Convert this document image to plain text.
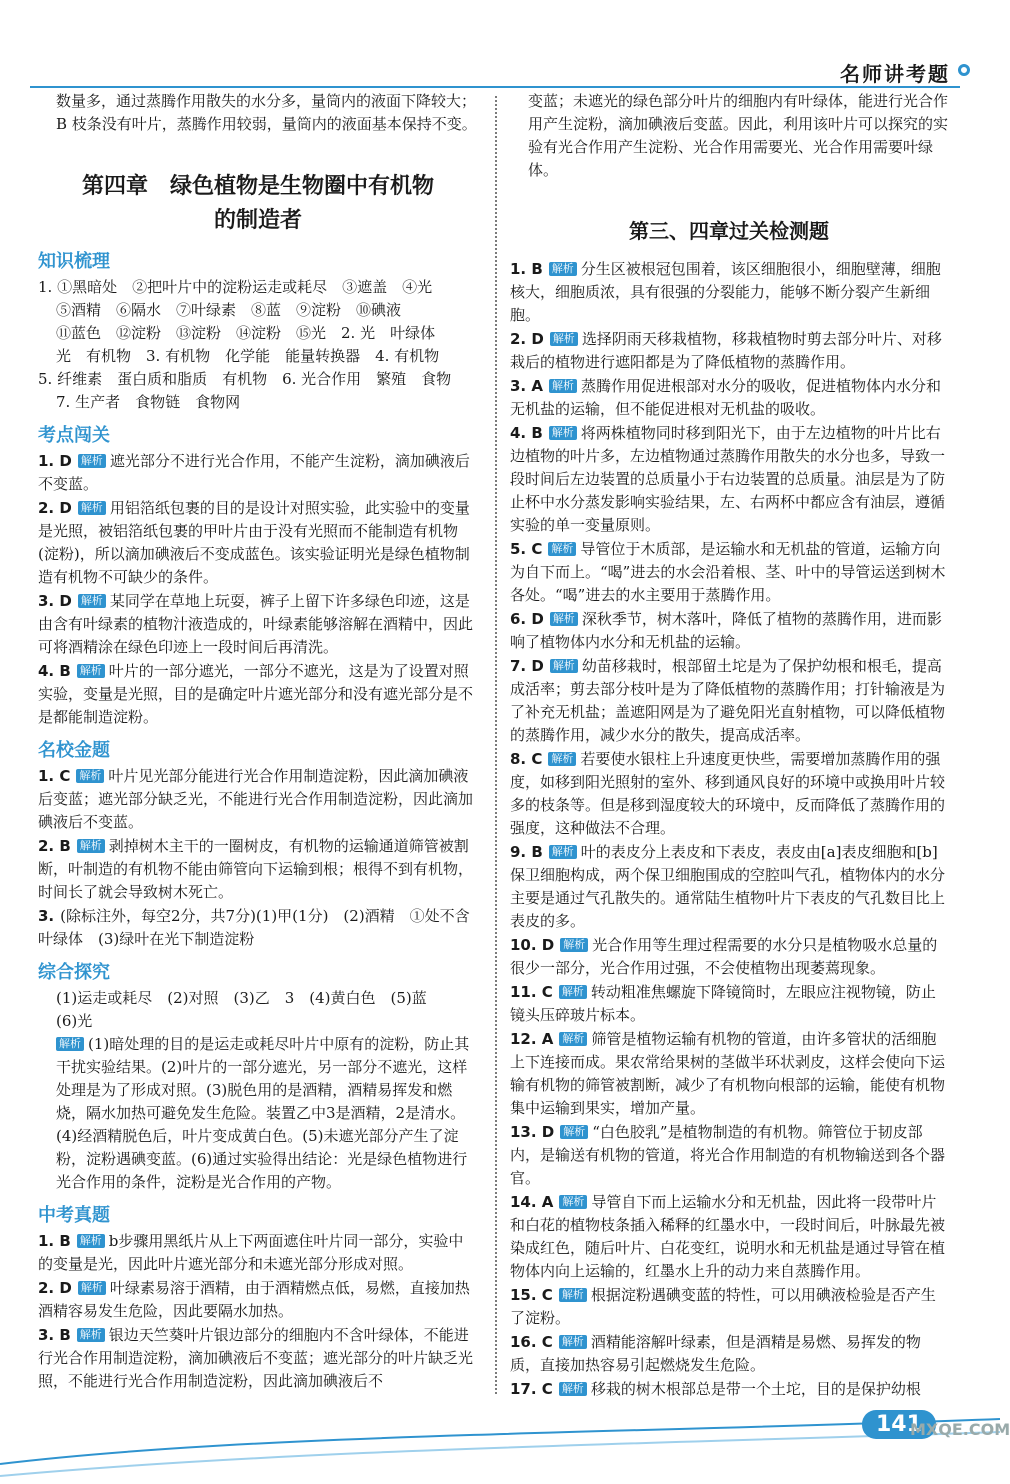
名师讲考题

数量多，通过蒸腾作用散失的水分多，量筒内的液面下降较大；

B 枝条没有叶片，蒸腾作用较弱，量筒内的液面基本保持不变。

第四章　绿色植物是生物圈中有机物
的制造者
知识梳理

1. ①黑暗处　②把叶片中的淀粉运走或耗尽　③遮盖　④光

⑤酒精　⑥隔水　⑦叶绿素　⑧蓝　⑨淀粉　⑩碘液

⑪蓝色　⑫淀粉　⑬淀粉　⑭淀粉　⑮光　2. 光　叶绿体

光　有机物　3. 有机物　化学能　能量转换器　4. 有机物

5. 纤维素　蛋白质和脂质　有机物　6. 光合作用　繁殖　食物

7. 生产者　食物链　食物网

考点闯关

1. D 解析 遮光部分不进行光合作用，不能产生淀粉，滴加碘液后不变蓝。

2. D 解析 用铝箔纸包裹的目的是设计对照实验，此实验中的变量是光照，被铝箔纸包裹的甲叶片由于没有光照而不能制造有机物(淀粉)，所以滴加碘液后不变成蓝色。该实验证明光是绿色植物制造有机物不可缺少的条件。

3. D 解析 某同学在草地上玩耍，裤子上留下许多绿色印迹，这是由含有叶绿素的植物汁液造成的，叶绿素能够溶解在酒精中，因此可将酒精涂在绿色印迹上一段时间后再清洗。

4. B 解析 叶片的一部分遮光，一部分不遮光，这是为了设置对照实验，变量是光照，目的是确定叶片遮光部分和没有遮光部分是不是都能制造淀粉。

名校金题

1. C 解析 叶片见光部分能进行光合作用制造淀粉，因此滴加碘液后变蓝；遮光部分缺乏光，不能进行光合作用制造淀粉，因此滴加碘液后不变蓝。

2. B 解析 剥掉树木主干的一圈树皮，有机物的运输通道筛管被割断，叶制造的有机物不能由筛管向下运输到根；根得不到有机物，时间长了就会导致树木死亡。

3. (除标注外，每空2分，共7分)(1)甲(1分)　(2)酒精　①处不含叶绿体　(3)绿叶在光下制造淀粉

综合探究

(1)运走或耗尽　(2)对照　(3)乙　3　(4)黄白色　(5)蓝

(6)光

解析 (1)暗处理的目的是运走或耗尽叶片中原有的淀粉，防止其干扰实验结果。(2)叶片的一部分遮光，另一部分不遮光，这样处理是为了形成对照。(3)脱色用的是酒精，酒精易挥发和燃烧，隔水加热可避免发生危险。装置乙中3是酒精，2是清水。(4)经酒精脱色后，叶片变成黄白色。(5)未遮光部分产生了淀粉，淀粉遇碘变蓝。(6)通过实验得出结论：光是绿色植物进行光合作用的条件，淀粉是光合作用的产物。

中考真题

1. B 解析 b步骤用黑纸片从上下两面遮住叶片同一部分，实验中的变量是光，因此叶片遮光部分和未遮光部分形成对照。

2. D 解析 叶绿素易溶于酒精，由于酒精燃点低，易燃，直接加热酒精容易发生危险，因此要隔水加热。

3. B 解析 银边天竺葵叶片银边部分的细胞内不含叶绿体，不能进行光合作用制造淀粉，滴加碘液后不变蓝；遮光部分的叶片缺乏光照，不能进行光合作用制造淀粉，因此滴加碘液后不

变蓝；未遮光的绿色部分叶片的细胞内有叶绿体，能进行光合作用产生淀粉，滴加碘液后变蓝。因此，利用该叶片可以探究的实验有光合作用产生淀粉、光合作用需要光、光合作用需要叶绿体。

第三、四章过关检测题

1. B 解析 分生区被根冠包围着，该区细胞很小，细胞壁薄，细胞核大，细胞质浓，具有很强的分裂能力，能够不断分裂产生新细胞。

2. D 解析 选择阴雨天移栽植物，移栽植物时剪去部分叶片、对移栽后的植物进行遮阳都是为了降低植物的蒸腾作用。

3. A 解析 蒸腾作用促进根部对水分的吸收，促进植物体内水分和无机盐的运输，但不能促进根对无机盐的吸收。

4. B 解析 将两株植物同时移到阳光下，由于左边植物的叶片比右边植物的叶片多，左边植物通过蒸腾作用散失的水分也多，导致一段时间后左边装置的总质量小于右边装置的总质量。油层是为了防止杯中水分蒸发影响实验结果，左、右两杯中都应含有油层，遵循实验的单一变量原则。

5. C 解析 导管位于木质部，是运输水和无机盐的管道，运输方向为自下而上。“喝”进去的水会沿着根、茎、叶中的导管运送到树木各处。“喝”进去的水主要用于蒸腾作用。

6. D 解析 深秋季节，树木落叶，降低了植物的蒸腾作用，进而影响了植物体内水分和无机盐的运输。

7. D 解析 幼苗移栽时，根部留土坨是为了保护幼根和根毛，提高成活率；剪去部分枝叶是为了降低植物的蒸腾作用；打针输液是为了补充无机盐；盖遮阳网是为了避免阳光直射植物，可以降低植物的蒸腾作用，减少水分的散失，提高成活率。

8. C 解析 若要使水银柱上升速度更快些，需要增加蒸腾作用的强度，如移到阳光照射的室外、移到通风良好的环境中或换用叶片较多的枝条等。但是移到湿度较大的环境中，反而降低了蒸腾作用的强度，这种做法不合理。

9. B 解析 叶的表皮分上表皮和下表皮，表皮由[a]表皮细胞和[b]保卫细胞构成，两个保卫细胞围成的空腔叫气孔，植物体内的水分主要是通过气孔散失的。通常陆生植物叶片下表皮的气孔数目比上表皮的多。

10. D 解析 光合作用等生理过程需要的水分只是植物吸水总量的很少一部分，光合作用过强，不会使植物出现萎蔫现象。

11. C 解析 转动粗准焦螺旋下降镜筒时，左眼应注视物镜，防止镜头压碎玻片标本。

12. A 解析 筛管是植物运输有机物的管道，由许多管状的活细胞上下连接而成。果农常给果树的茎做半环状剥皮，这样会使向下运输有机物的筛管被割断，减少了有机物向根部的运输，能使有机物集中运输到果实，增加产量。

13. D 解析 “白色胶乳”是植物制造的有机物。筛管位于韧皮部内，是输送有机物的管道，将光合作用制造的有机物输送到各个器官。

14. A 解析 导管自下而上运输水分和无机盐，因此将一段带叶片和白花的植物枝条插入稀释的红墨水中，一段时间后，叶脉最先被染成红色，随后叶片、白花变红，说明水和无机盐是通过导管在植物体内向上运输的，红墨水上升的动力来自蒸腾作用。

15. C 解析 根据淀粉遇碘变蓝的特性，可以用碘液检验是否产生了淀粉。

16. C 解析 酒精能溶解叶绿素，但是酒精是易燃、易挥发的物质，直接加热容易引起燃烧发生危险。

17. C 解析 移栽的树木根部总是带一个土坨，目的是保护幼根

141
MXQE.COM
